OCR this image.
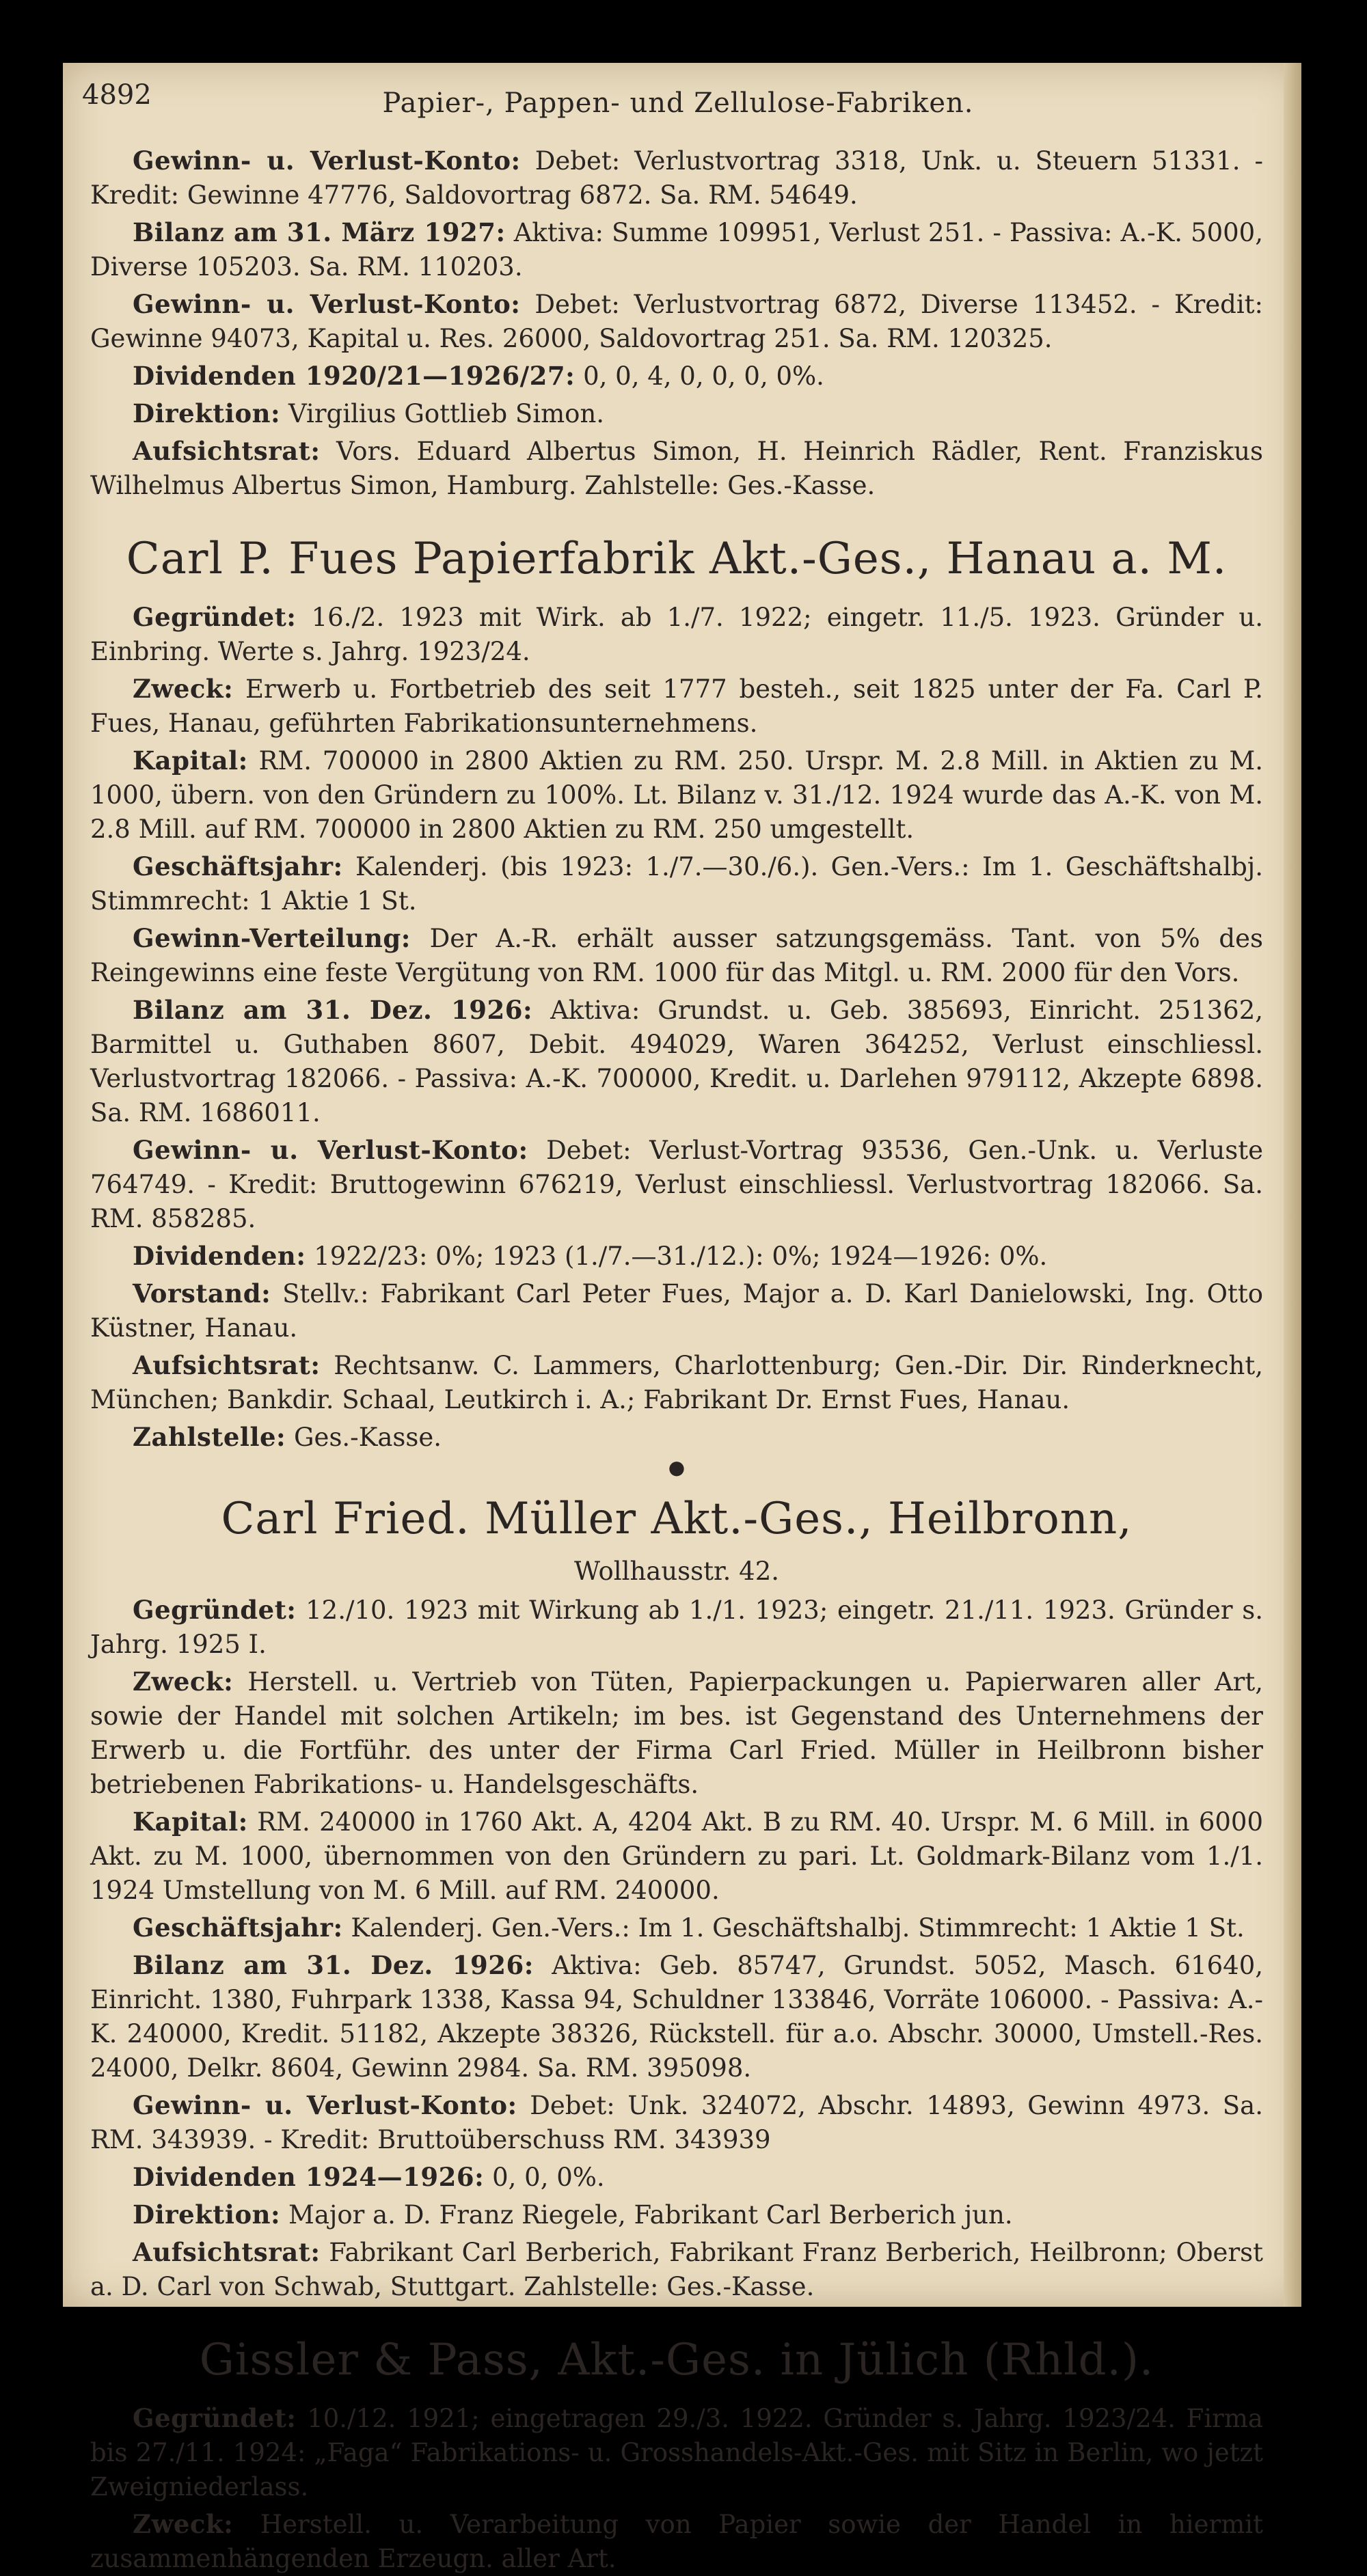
4892	Papier-, Pappen- und Zellulose-Fabriken.

Gewinn- u. Verlust-Konto: Debet: Verlustvortrag 3318, Unk. u. Steuern 51331. - Kredit: Gewinne 47776, Saldovortrag 6872. Sa. RM. 54649.

Bilanz am 31. März 1927: Aktiva: Summe 109951, Verlust 251. - Passiva: A.-K. 5000, Diverse 105203. Sa. RM. 110203.

Gewinn- u. Verlust-Konto: Debet: Verlustvortrag 6872, Diverse 113452. - Kredit: Gewinne 94073, Kapital u. Res. 26000, Saldovortrag 251. Sa. RM. 120325.

Dividenden 1920/21—1926/27: 0, 0, 4, 0, 0, 0, 0%.

Direktion: Virgilius Gottlieb Simon.

Aufsichtsrat: Vors. Eduard Albertus Simon, H. Heinrich Rädler, Rent. Franziskus Wilhelmus Albertus Simon, Hamburg. Zahlstelle: Ges.-Kasse.

Carl P. Fues Papierfabrik Akt.-Ges., Hanau a. M.

Gegründet: 16./2. 1923 mit Wirk. ab 1./7. 1922; eingetr. 11./5. 1923. Gründer u. Einbring. Werte s. Jahrg. 1923/24.

Zweck: Erwerb u. Fortbetrieb des seit 1777 besteh., seit 1825 unter der Fa. Carl P. Fues, Hanau, geführten Fabrikationsunternehmens.

Kapital: RM. 700000 in 2800 Aktien zu RM. 250. Urspr. M. 2.8 Mill. in Aktien zu M. 1000, übern. von den Gründern zu 100%. Lt. Bilanz v. 31./12. 1924 wurde das A.-K. von M. 2.8 Mill. auf RM. 700000 in 2800 Aktien zu RM. 250 umgestellt.

Geschäftsjahr: Kalenderj. (bis 1923: 1./7.—30./6.). Gen.-Vers.: Im 1. Geschäftshalbj. Stimmrecht: 1 Aktie 1 St.

Gewinn-Verteilung: Der A.-R. erhält ausser satzungsgemäss. Tant. von 5% des Reingewinns eine feste Vergütung von RM. 1000 für das Mitgl. u. RM. 2000 für den Vors.

Bilanz am 31. Dez. 1926: Aktiva: Grundst. u. Geb. 385693, Einricht. 251362, Barmittel u. Guthaben 8607, Debit. 494029, Waren 364252, Verlust einschliessl. Verlustvortrag 182066. - Passiva: A.-K. 700000, Kredit. u. Darlehen 979112, Akzepte 6898. Sa. RM. 1686011.

Gewinn- u. Verlust-Konto: Debet: Verlust-Vortrag 93536, Gen.-Unk. u. Verluste 764749. - Kredit: Bruttogewinn 676219, Verlust einschliessl. Verlustvortrag 182066. Sa. RM. 858285.

Dividenden: 1922/23: 0%; 1923 (1./7.—31./12.): 0%; 1924—1926: 0%.

Vorstand: Stellv.: Fabrikant Carl Peter Fues, Major a. D. Karl Danielowski, Ing. Otto Küstner, Hanau.

Aufsichtsrat: Rechtsanw. C. Lammers, Charlottenburg; Gen.-Dir. Dir. Rinderknecht, München; Bankdir. Schaal, Leutkirch i. A.; Fabrikant Dr. Ernst Fues, Hanau.

Zahlstelle: Ges.-Kasse.

●
Carl Fried. Müller Akt.-Ges., Heilbronn,
Wollhausstr. 42.

Gegründet: 12./10. 1923 mit Wirkung ab 1./1. 1923; eingetr. 21./11. 1923. Gründer s. Jahrg. 1925 I.

Zweck: Herstell. u. Vertrieb von Tüten, Papierpackungen u. Papierwaren aller Art, sowie der Handel mit solchen Artikeln; im bes. ist Gegenstand des Unternehmens der Erwerb u. die Fortführ. des unter der Firma Carl Fried. Müller in Heilbronn bisher betriebenen Fabrikations- u. Handelsgeschäfts.

Kapital: RM. 240000 in 1760 Akt. A, 4204 Akt. B zu RM. 40. Urspr. M. 6 Mill. in 6000 Akt. zu M. 1000, übernommen von den Gründern zu pari. Lt. Goldmark-Bilanz vom 1./1. 1924 Umstellung von M. 6 Mill. auf RM. 240000.

Geschäftsjahr: Kalenderj. Gen.-Vers.: Im 1. Geschäftshalbj. Stimmrecht: 1 Aktie 1 St.

Bilanz am 31. Dez. 1926: Aktiva: Geb. 85747, Grundst. 5052, Masch. 61640, Einricht. 1380, Fuhrpark 1338, Kassa 94, Schuldner 133846, Vorräte 106000. - Passiva: A.-K. 240000, Kredit. 51182, Akzepte 38326, Rückstell. für a.o. Abschr. 30000, Umstell.-Res. 24000, Delkr. 8604, Gewinn 2984. Sa. RM. 395098.

Gewinn- u. Verlust-Konto: Debet: Unk. 324072, Abschr. 14893, Gewinn 4973. Sa. RM. 343939. - Kredit: Bruttoüberschuss RM. 343939

Dividenden 1924—1926: 0, 0, 0%.

Direktion: Major a. D. Franz Riegele, Fabrikant Carl Berberich jun.

Aufsichtsrat: Fabrikant Carl Berberich, Fabrikant Franz Berberich, Heilbronn; Oberst a. D. Carl von Schwab, Stuttgart. Zahlstelle: Ges.-Kasse.

Gissler & Pass, Akt.-Ges. in Jülich (Rhld.).

Gegründet: 10./12. 1921; eingetragen 29./3. 1922. Gründer s. Jahrg. 1923/24. Firma bis 27./11. 1924: „Faga“ Fabrikations- u. Grosshandels-Akt.-Ges. mit Sitz in Berlin, wo jetzt Zweigniederlass.

Zweck: Herstell. u. Verarbeitung von Papier sowie der Handel in hiermit zusammenhängenden Erzeugn. aller Art.
